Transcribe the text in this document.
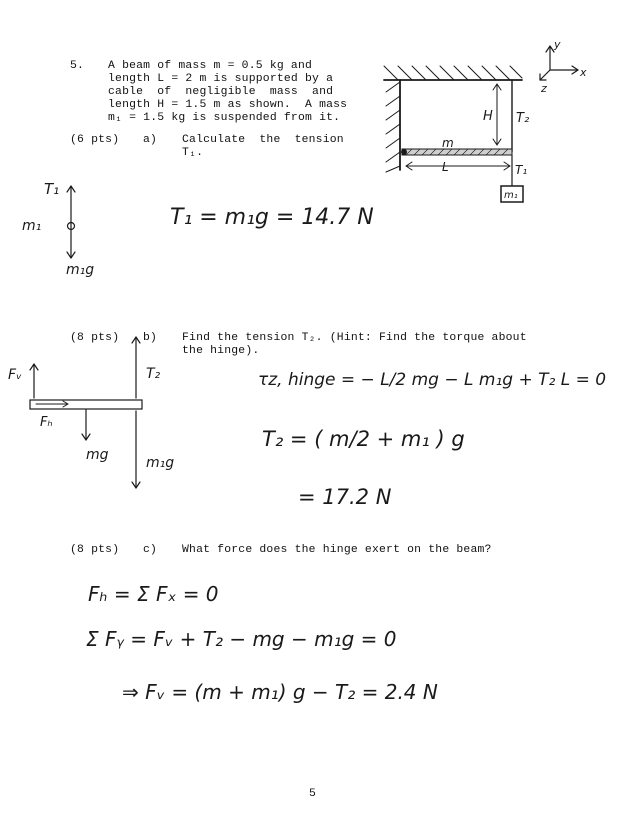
5. A beam of mass m = 0.5 kg and
length L = 2 m is supported by a
cable  of  negligible  mass  and
length H = 1.5 m as shown.  A mass
m₁ = 1.5 kg is suspended from it.
y
x
z
H T₂
m
L	T₁
m₁
(6 pts) a) Calculate  the  tension
T₁.
T₁
m₁
m₁g
T₁ = m₁g = 14.7 N
(8 pts) b) Find the tension T₂. (Hint: Find the torque about
the hinge).
Fᵥ
Fₕ
mg
T₂
m₁g
τz, hinge = − L/2 mg − L m₁g + T₂ L = 0
T₂ = ( m/2 + m₁ ) g
= 17.2 N
(8 pts) c) What force does the hinge exert on the beam?
Fₕ = Σ Fₓ = 0
Σ Fᵧ = Fᵥ + T₂ − mg − m₁g = 0
⇒ Fᵥ = (m + m₁) g − T₂ = 2.4 N
5
